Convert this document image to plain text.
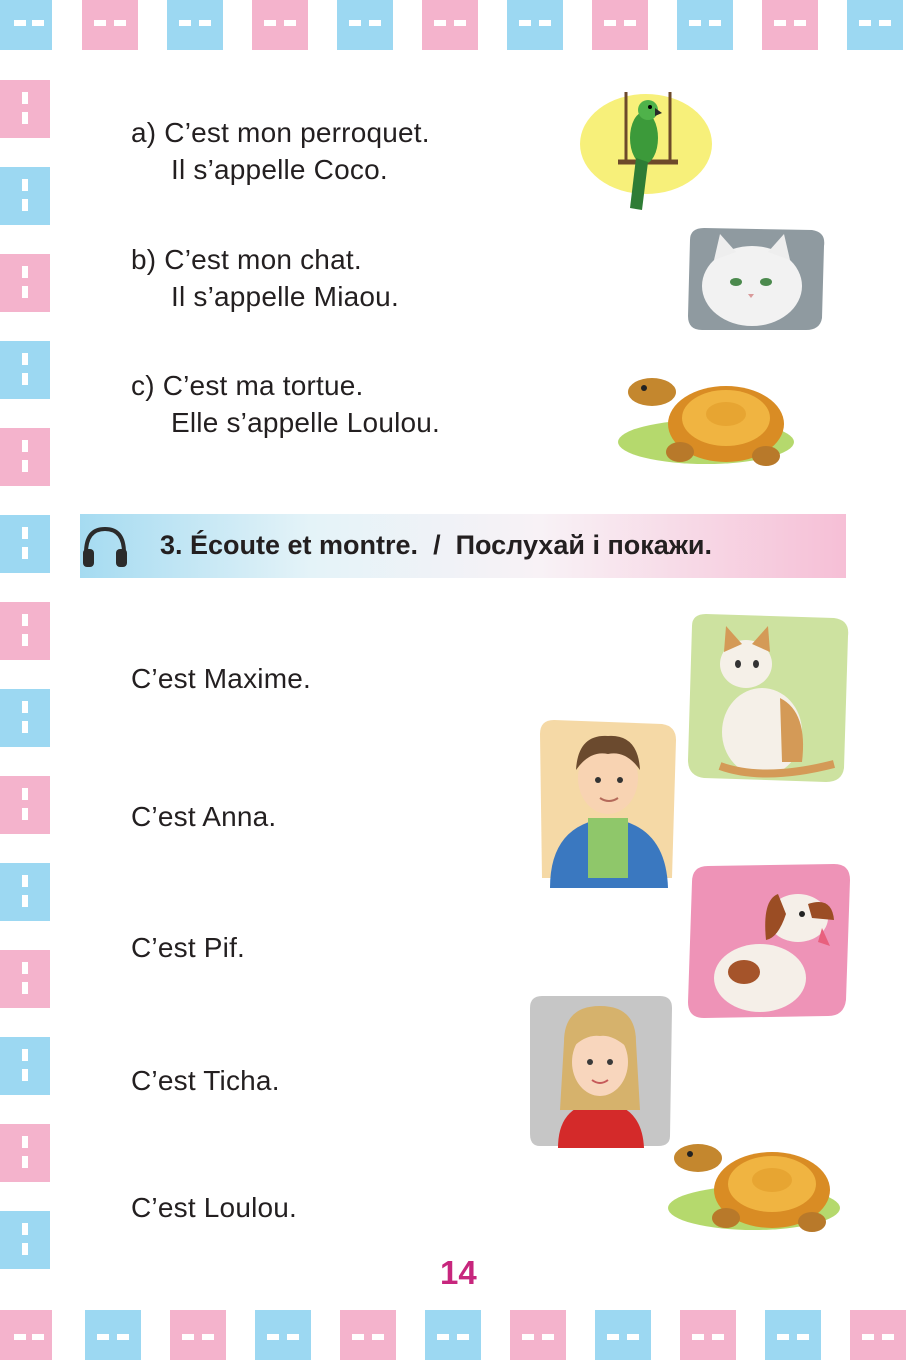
a) C’est mon perroquet.
Il s’appelle Coco.
b) C’est mon chat.
Il s’appelle Miaou.
c) C’est ma tortue.
Elle s’appelle Loulou.
3. Écoute et montre. / Послухай і покажи.
C’est Maxime.
C’est Anna.
C’est Pif.
C’est Ticha.
C’est Loulou.
14
